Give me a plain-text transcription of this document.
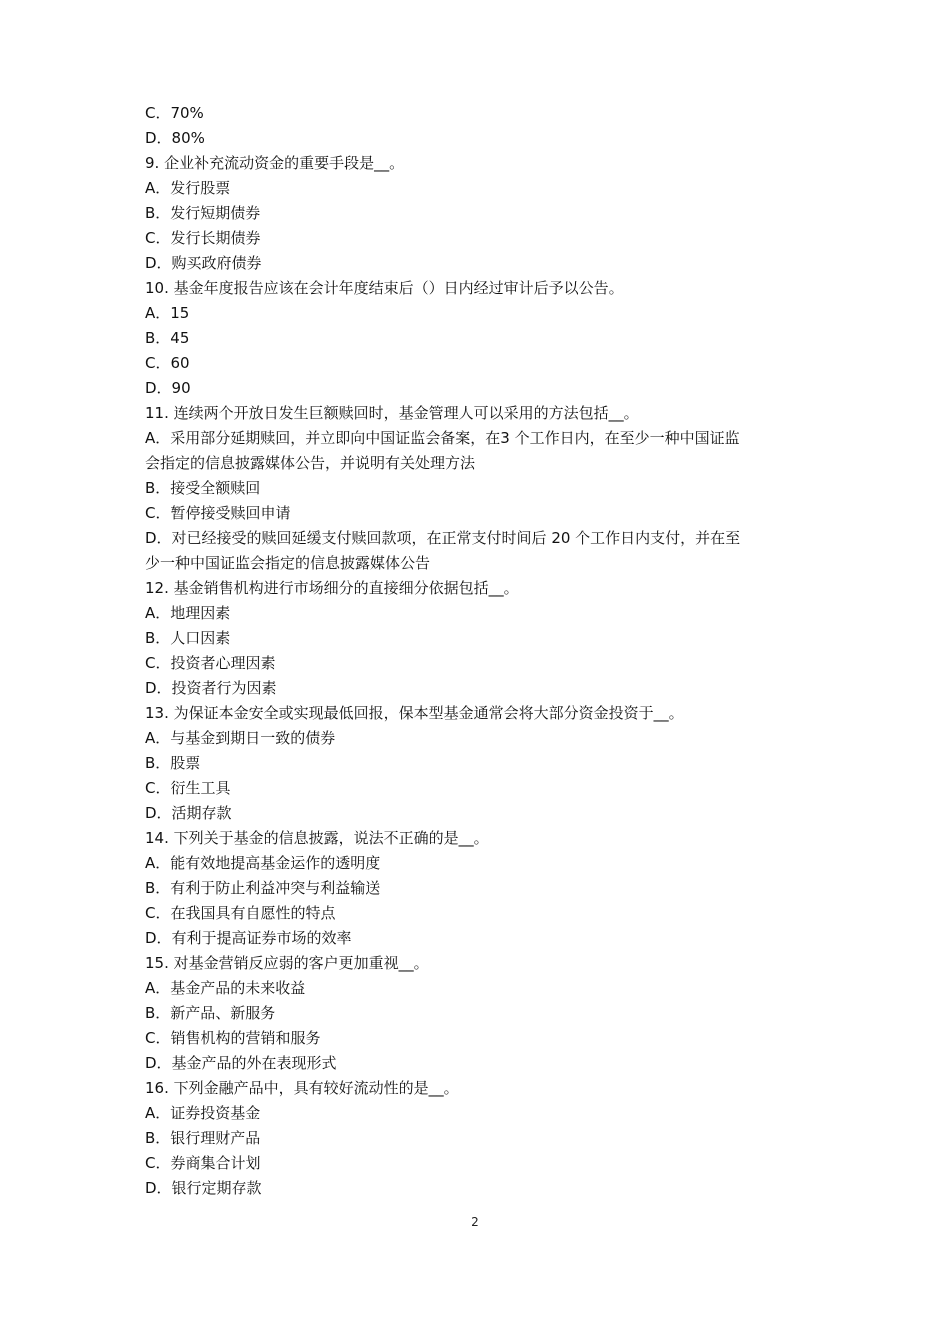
C．70%
D．80%
9. 企业补充流动资金的重要手段是__。
A．发行股票
B．发行短期债券
C．发行长期债券
D．购买政府债券
10. 基金年度报告应该在会计年度结束后（）日内经过审计后予以公告。
A．15
B．45
C．60
D．90
11. 连续两个开放日发生巨额赎回时，基金管理人可以采用的方法包括__。
A．采用部分延期赎回，并立即向中国证监会备案，在3 个工作日内，在至少一种中国证监
会指定的信息披露媒体公告，并说明有关处理方法
B．接受全额赎回
C．暂停接受赎回申请
D．对已经接受的赎回延缓支付赎回款项，在正常支付时间后 20 个工作日内支付，并在至
少一种中国证监会指定的信息披露媒体公告
12. 基金销售机构进行市场细分的直接细分依据包括__。
A．地理因素
B．人口因素
C．投资者心理因素
D．投资者行为因素
13. 为保证本金安全或实现最低回报，保本型基金通常会将大部分资金投资于__。
A．与基金到期日一致的债券
B．股票
C．衍生工具
D．活期存款
14. 下列关于基金的信息披露，说法不正确的是__。
A．能有效地提高基金运作的透明度
B．有利于防止利益冲突与利益输送
C．在我国具有自愿性的特点
D．有利于提高证券市场的效率
15. 对基金营销反应弱的客户更加重视__。
A．基金产品的未来收益
B．新产品、新服务
C．销售机构的营销和服务
D．基金产品的外在表现形式
16. 下列金融产品中，具有较好流动性的是__。
A．证券投资基金
B．银行理财产品
C．券商集合计划
D．银行定期存款
2
